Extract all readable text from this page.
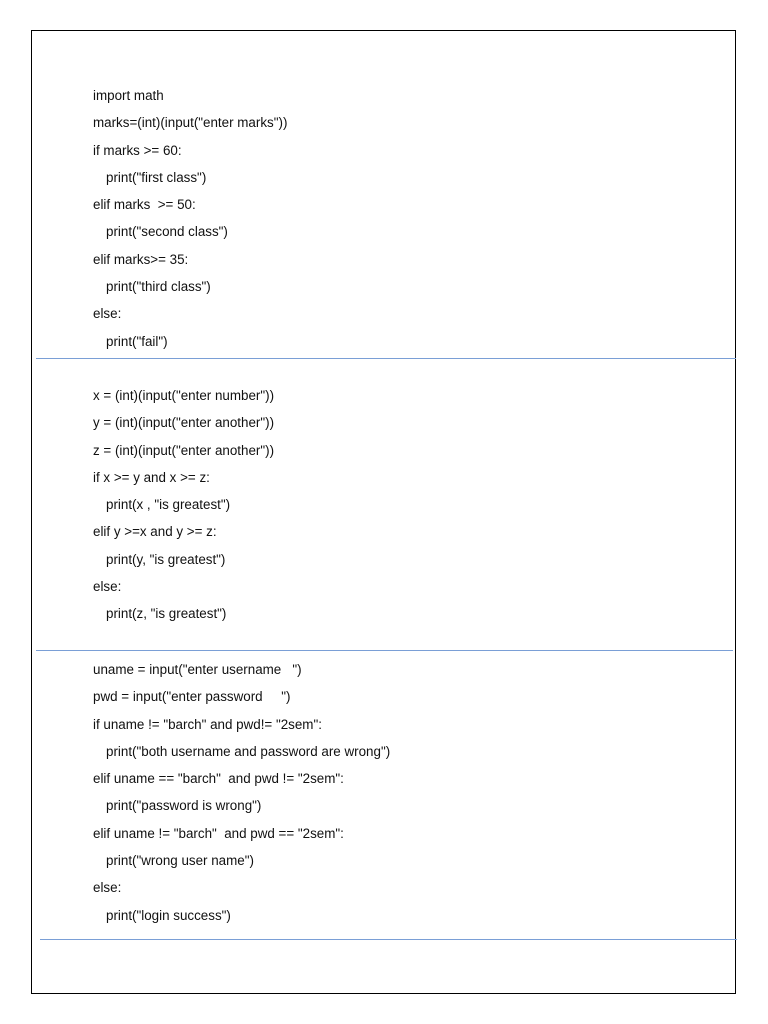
import math
marks=(int)(input("enter marks"))
if marks >= 60:
print("first class")
elif marks  >= 50:
print("second class")
elif marks>= 35:
print("third class")
else:
print("fail")
x = (int)(input("enter number"))
y = (int)(input("enter another"))
z = (int)(input("enter another"))
if x >= y and x >= z:
print(x , "is greatest")
elif y >=x and y >= z:
print(y, "is greatest")
else:
print(z, "is greatest")
uname = input("enter username   ")
pwd = input("enter password     ")
if uname != "barch" and pwd!= "2sem":
print("both username and password are wrong")
elif uname == "barch"  and pwd != "2sem":
print("password is wrong")
elif uname != "barch"  and pwd == "2sem":
print("wrong user name")
else:
print("login success")
